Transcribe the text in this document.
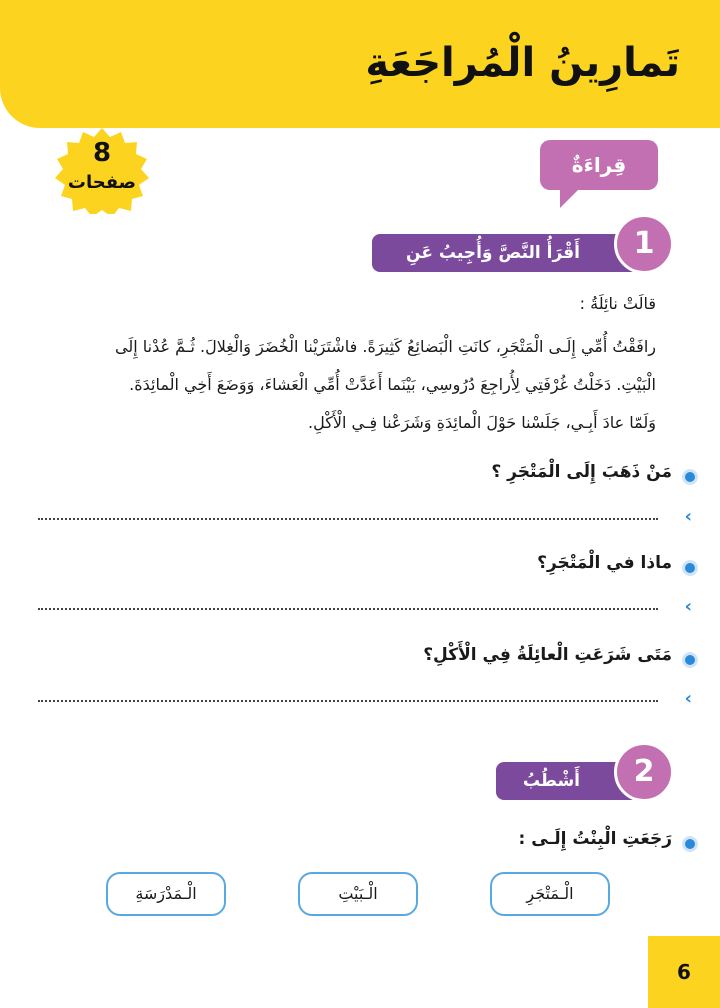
تَمارِينُ الْمُراجَعَةِ
8
صفحات
قِراءَةٌ
أَقْرَأُ النَّصَّ وَأُجِيبُ عَنِ الْأَسْئِلَةِ
1
قالَتْ نائِلَةُ :
رافَقْتُ أُمِّي إِلَـى الْمَتْجَرِ، كانَتِ الْبَضائِعُ كَثِيرَةً. فاشْتَرَيْنا الْخُضَرَ وَالْغِلالَ. ثُـمَّ عُدْنا إِلَى
الْبَيْتِ. دَخَلْتُ غُرْفَتِي لِأُراجِعَ دُرُوسِي، بَيْنَما أَعَدَّتْ أُمِّي الْعَشاءَ، وَوَضَعَ أَخِي الْمائِدَةَ.
وَلَمّا عادَ أَبِـي، جَلَسْنا حَوْلَ الْمائِدَةِ وَشَرَعْنا فِـي الْأَكْلِ.
مَنْ ذَهَبَ إِلَى الْمَتْجَرِ ؟
‹
ماذا في الْمَتْجَرِ؟
‹
مَتَى شَرَعَتِ الْعائِلَةُ فِي الْأَكْلِ؟
‹
أَشْطُبُ الْخَطَأَ
2
رَجَعَتِ الْبِنْتُ إِلَـى :
الْـمَتْجَرِ
الْـبَيْتِ
الْـمَدْرَسَةِ
6
